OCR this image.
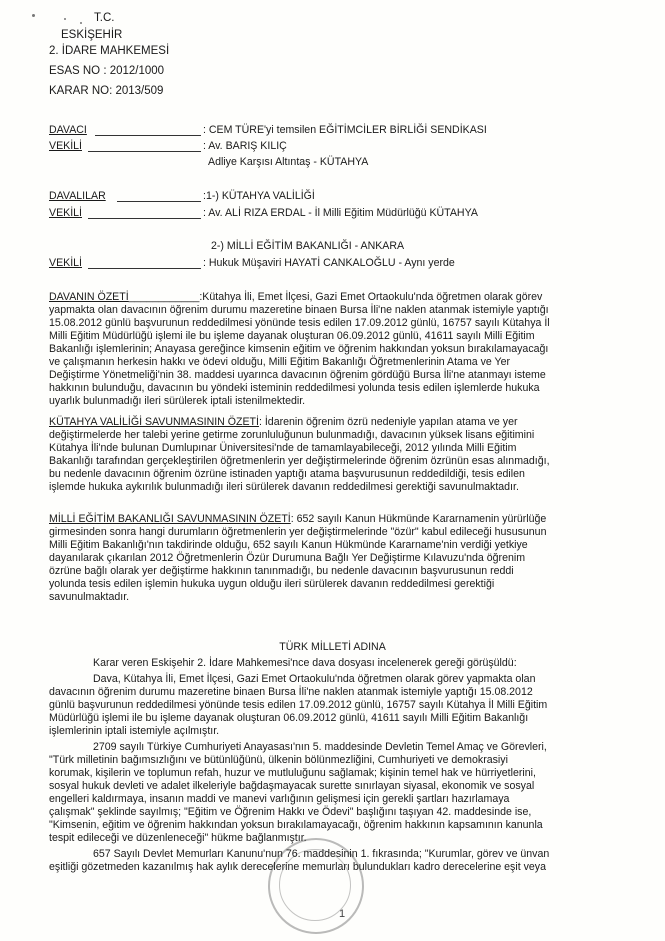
T.C.
ESKİŞEHİR
2. İDARE MAHKEMESİ
ESAS NO : 2012/1000
KARAR NO: 2013/509
DAVACI	: CEM TÜRE'yi temsilen EĞİTİMCİLER BİRLİĞİ SENDİKASI
VEKİLİ	: Av. BARIŞ KILIÇ
Adliye Karşısı Altıntaş - KÜTAHYA
DAVALILAR	:1-) KÜTAHYA VALİLİĞİ
VEKİLİ	: Av. ALİ RIZA ERDAL - İl Milli Eğitim Müdürlüğü KÜTAHYA
2-) MİLLİ EĞİTİM BAKANLIĞI - ANKARA
VEKİLİ	: Hukuk Müşaviri HAYATİ CANKALOĞLU - Aynı yerde

DAVANIN ÖZETİ____________:Kütahya İli, Emet İlçesi, Gazi Emet Ortaokulu'nda öğretmen olarak görev
yapmakta olan davacının öğrenim durumu mazeretine binaen Bursa İli'ne naklen atanmak istemiyle yaptığı
15.08.2012 günlü başvurunun reddedilmesi yönünde tesis edilen 17.09.2012 günlü, 16757 sayılı Kütahya İl
Milli Eğitim Müdürlüğü işlemi ile bu işleme dayanak oluşturan 06.09.2012 günlü, 41611 sayılı Milli Eğitim
Bakanlığı işlemlerinin; Anayasa gereğince kimsenin eğitim ve öğrenim hakkından yoksun bırakılamayacağı
ve çalışmanın herkesin hakkı ve ödevi olduğu, Milli Eğitim Bakanlığı Öğretmenlerinin Atama ve Yer
Değiştirme Yönetmeliği'nin 38. maddesi uyarınca davacının öğrenim gördüğü Bursa İli'ne atanmayı isteme
hakkının bulunduğu, davacının bu yöndeki isteminin reddedilmesi yolunda tesis edilen işlemlerde hukuka
uyarlık bulunmadığı ileri sürülerek iptali istenilmektedir.

KÜTAHYA VALİLİĞİ SAVUNMASININ ÖZETİ: İdarenin öğrenim özrü nedeniyle yapılan atama ve yer
değiştirmelerde her talebi yerine getirme zorunluluğunun bulunmadığı, davacının yüksek lisans eğitimini
Kütahya İli'nde bulunan Dumlupınar Üniversitesi'nde de tamamlayabileceği, 2012 yılında Milli Eğitim
Bakanlığı tarafından gerçekleştirilen öğretmenlerin yer değiştirmelerinde öğrenim özrünün esas alınmadığı,
bu nedenle davacının öğrenim özrüne istinaden yaptığı atama başvurusunun reddedildiği, tesis edilen
işlemde hukuka aykırılık bulunmadığı ileri sürülerek davanın reddedilmesi gerektiği savunulmaktadır.

MİLLİ EĞİTİM BAKANLIĞI SAVUNMASININ ÖZETİ: 652 sayılı Kanun Hükmünde Kararnamenin yürürlüğe
girmesinden sonra hangi durumların öğretmenlerin yer değiştirmelerinde "özür" kabul edileceği hususunun
Milli Eğitim Bakanlığı'nın takdirinde olduğu, 652 sayılı Kanun Hükmünde Kararname'nin verdiği yetkiye
dayanılarak çıkarılan 2012 Öğretmenlerin Özür Durumuna Bağlı Yer Değiştirme Kılavuzu'nda öğrenim
özrüne bağlı olarak yer değiştirme hakkının tanınmadığı, bu nedenle davacının başvurusunun reddi
yolunda tesis edilen işlemin hukuka uygun olduğu ileri sürülerek davanın reddedilmesi gerektiği
savunulmaktadır.

TÜRK MİLLETİ ADINA

Karar veren Eskişehir 2. İdare Mahkemesi'nce dava dosyası incelenerek gereği görüşüldü:

Dava, Kütahya İli, Emet İlçesi, Gazi Emet Ortaokulu'nda öğretmen olarak görev yapmakta olan
davacının öğrenim durumu mazeretine binaen Bursa İli'ne naklen atanmak istemiyle yaptığı 15.08.2012
günlü başvurunun reddedilmesi yönünde tesis edilen 17.09.2012 günlü, 16757 sayılı Kütahya İl Milli Eğitim
Müdürlüğü işlemi ile bu işleme dayanak oluşturan 06.09.2012 günlü, 41611 sayılı Milli Eğitim Bakanlığı
işlemlerinin iptali istemiyle açılmıştır.

2709 sayılı Türkiye Cumhuriyeti Anayasası'nın 5. maddesinde Devletin Temel Amaç ve Görevleri,
"Türk milletinin bağımsızlığını ve bütünlüğünü, ülkenin bölünmezliğini, Cumhuriyeti ve demokrasiyi
korumak, kişilerin ve toplumun refah, huzur ve mutluluğunu sağlamak; kişinin temel hak ve hürriyetlerini,
sosyal hukuk devleti ve adalet ilkeleriyle bağdaşmayacak surette sınırlayan siyasal, ekonomik ve sosyal
engelleri kaldırmaya, insanın maddi ve manevi varlığının gelişmesi için gerekli şartları hazırlamaya
çalışmak" şeklinde sayılmış; "Eğitim ve Öğrenim Hakkı ve Ödevi" başlığını taşıyan 42. maddesinde ise,
"Kimsenin, eğitim ve öğrenim hakkından yoksun bırakılamayacağı, öğrenim hakkının kapsamının kanunla
tespit edileceği ve düzenleneceği" hükme bağlanmıştır.

657 Sayılı Devlet Memurları Kanunu'nun 76. maddesinin 1. fıkrasında; "Kurumlar, görev ve ünvan
eşitliği gözetmeden kazanılmış hak aylık derecelerine memurları bulundukları kadro derecelerine eşit veya

1
